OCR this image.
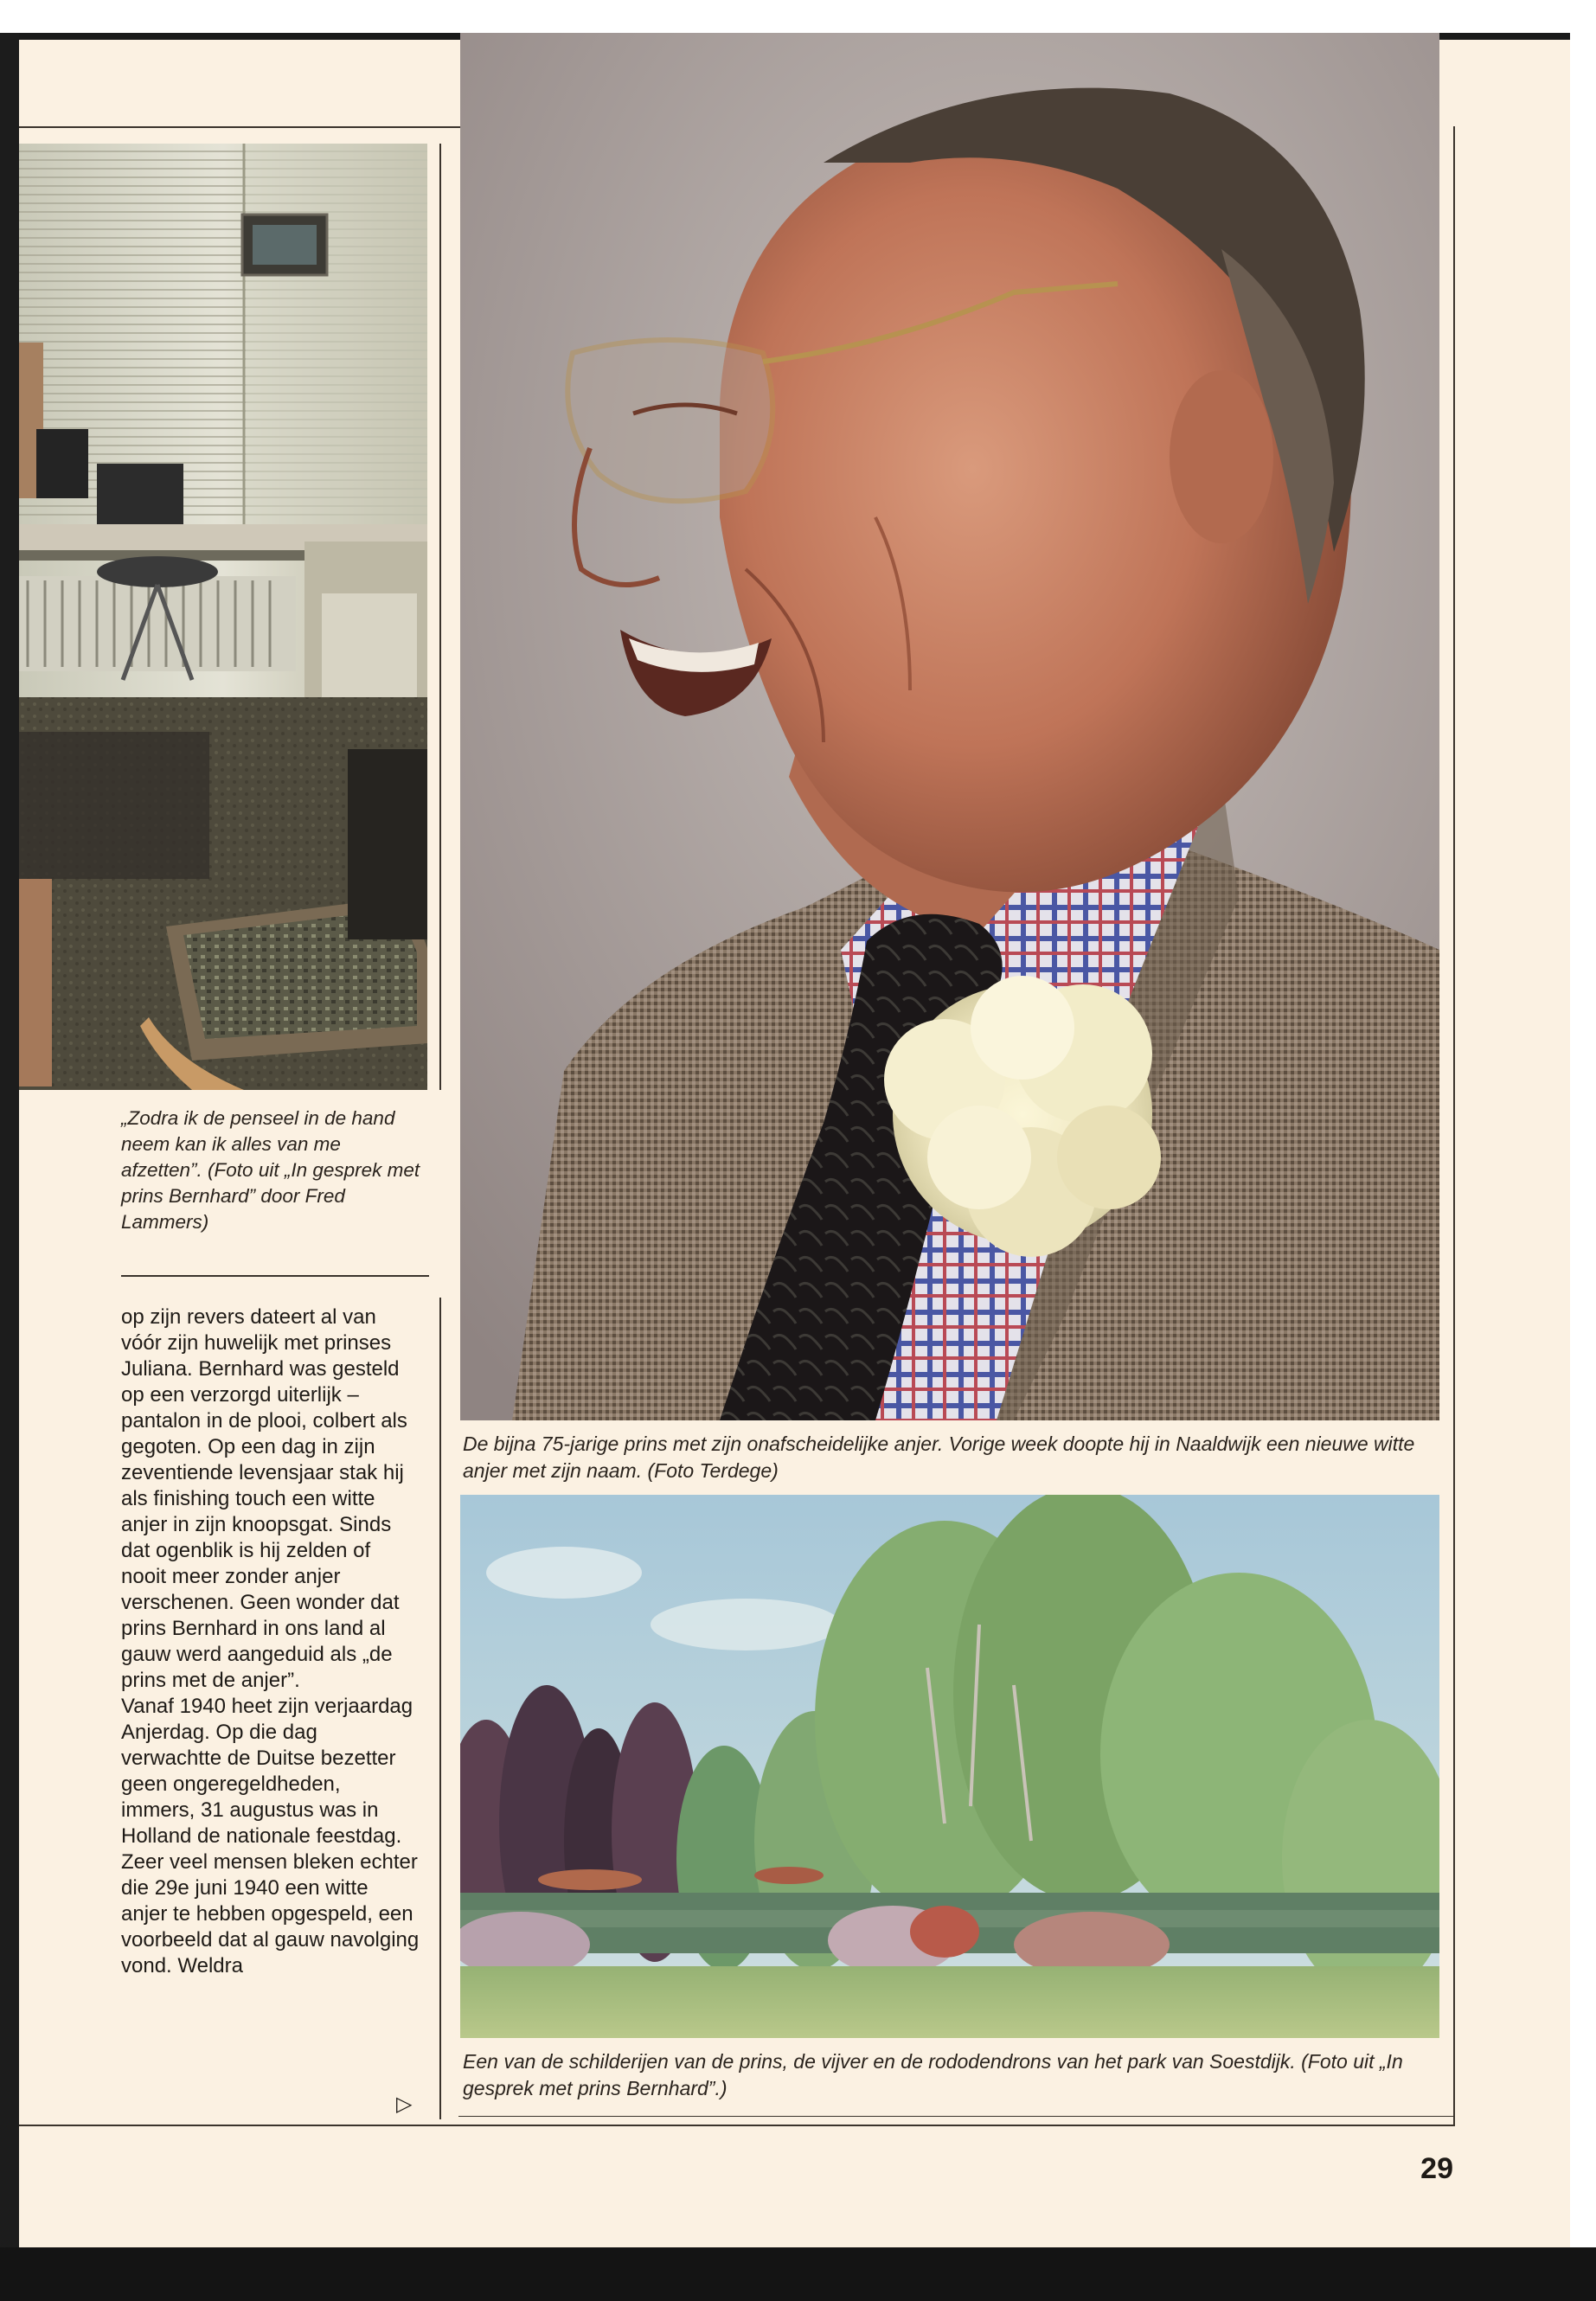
„Zodra ik de penseel in de hand neem kan ik alles van me afzetten”. (Foto uit „In gesprek met prins Bernhard” door Fred Lammers)
De bijna 75-jarige prins met zijn onafscheidelijke anjer. Vorige week doopte hij in Naaldwijk een nieuwe witte anjer met zijn naam. (Foto Terdege)
Een van de schilderijen van de prins, de vijver en de rododendrons van het park van Soestdijk. (Foto uit „In gesprek met prins Bernhard”.)
op zijn revers dateert al van vóór zijn huwelijk met prinses Juliana. Bernhard was gesteld op een verzorgd uiterlijk – pantalon in de plooi, colbert als gegoten. Op een dag in zijn zeventiende levensjaar stak hij als finishing touch een witte anjer in zijn knoopsgat. Sinds dat ogenblik is hij zelden of nooit meer zonder anjer verschenen. Geen wonder dat prins Bernhard in ons land al gauw werd aangeduid als „de prins met de anjer”.
Vanaf 1940 heet zijn verjaardag Anjerdag. Op die dag verwachtte de Duitse bezetter geen ongeregeldheden, immers, 31 augustus was in Holland de nationale feestdag. Zeer veel mensen bleken echter die 29e juni 1940 een witte anjer te hebben opgespeld, een voorbeeld dat al gauw navolging vond. Weldra
▷
29
